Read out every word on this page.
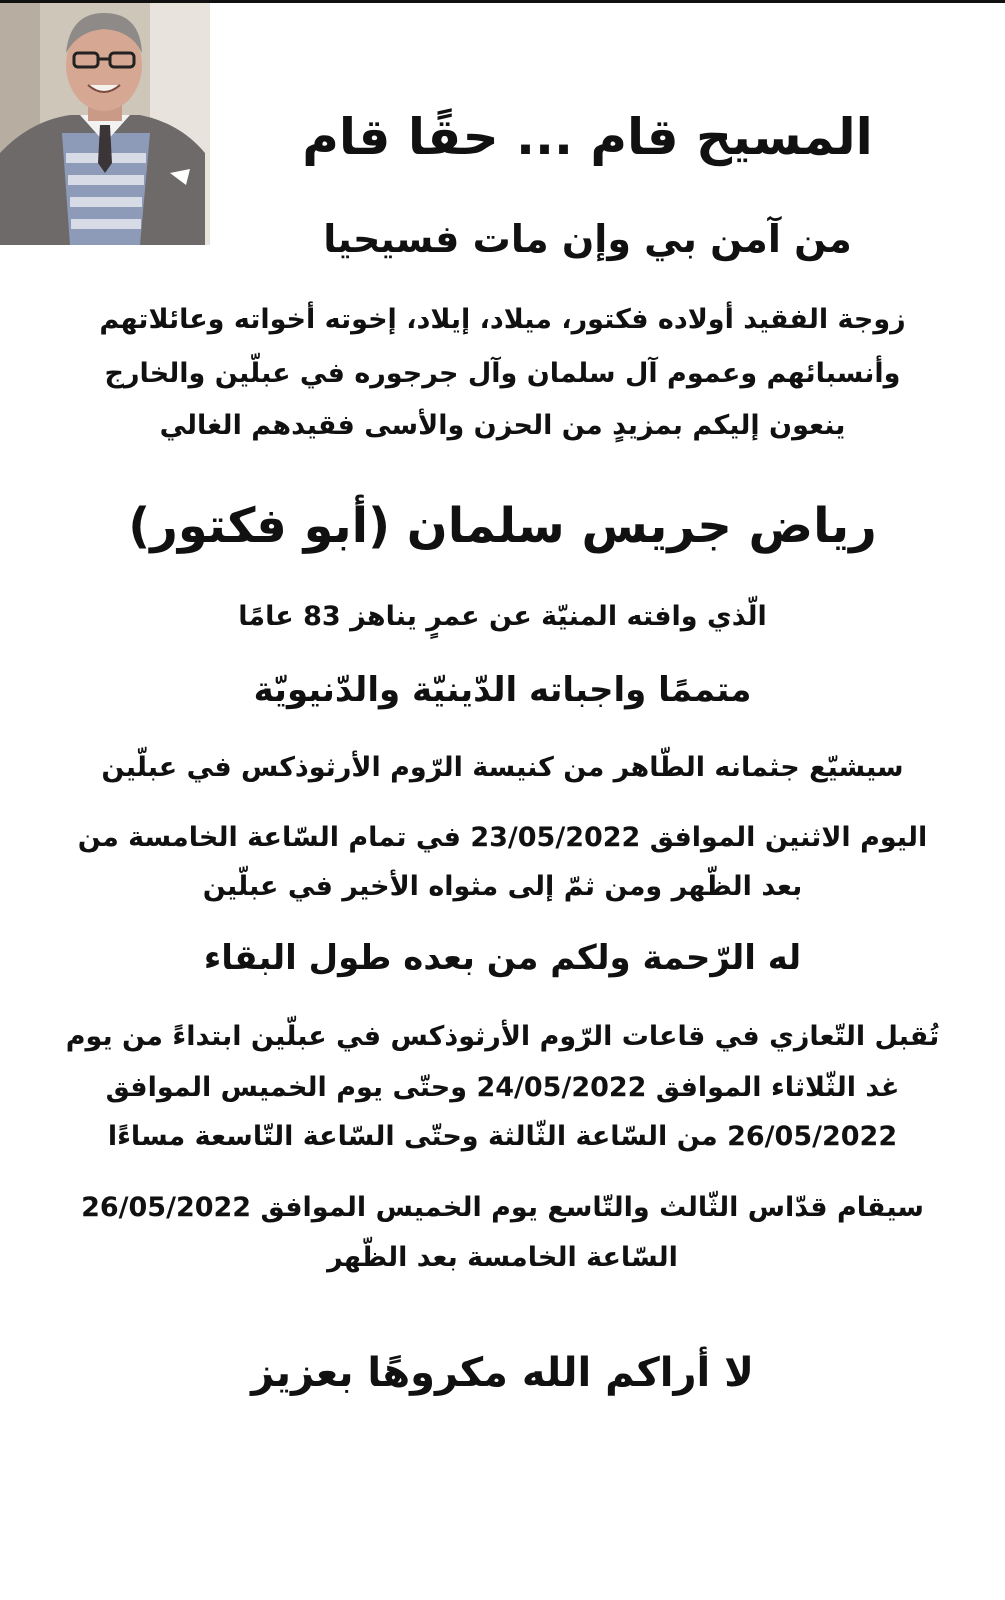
المسيح قام ... حقًا قام
من آمن بي وإن مات فسيحيا
زوجة الفقيد أولاده فكتور، ميلاد، إيلاد، إخوته أخواته وعائلاتهم
وأنسبائهم وعموم آل سلمان وآل جرجوره في عبلّين والخارج
ينعون إليكم بمزيدٍ من الحزن والأسى فقيدهم الغالي
رياض جريس سلمان (أبو فكتور)
الّذي وافته المنيّة عن عمرٍ يناهز 83 عامًا
متممًا واجباته الدّينيّة والدّنيويّة
سيشيّع جثمانه الطّاهر من كنيسة الرّوم الأرثوذكس في عبلّين
اليوم الاثنين الموافق 23/05/2022 في تمام السّاعة الخامسة من
بعد الظّهر ومن ثمّ إلى مثواه الأخير في عبلّين
له الرّحمة ولكم من بعده طول البقاء
تُقبل التّعازي في قاعات الرّوم الأرثوذكس في عبلّين ابتداءً من يوم
غد الثّلاثاء الموافق 24/05/2022 وحتّى يوم الخميس الموافق
26/05/2022 من السّاعة الثّالثة وحتّى السّاعة التّاسعة مساءًا
سيقام قدّاس الثّالث والتّاسع يوم الخميس الموافق 26/05/2022
السّاعة الخامسة بعد الظّهر
لا أراكم الله مكروهًا بعزيز
